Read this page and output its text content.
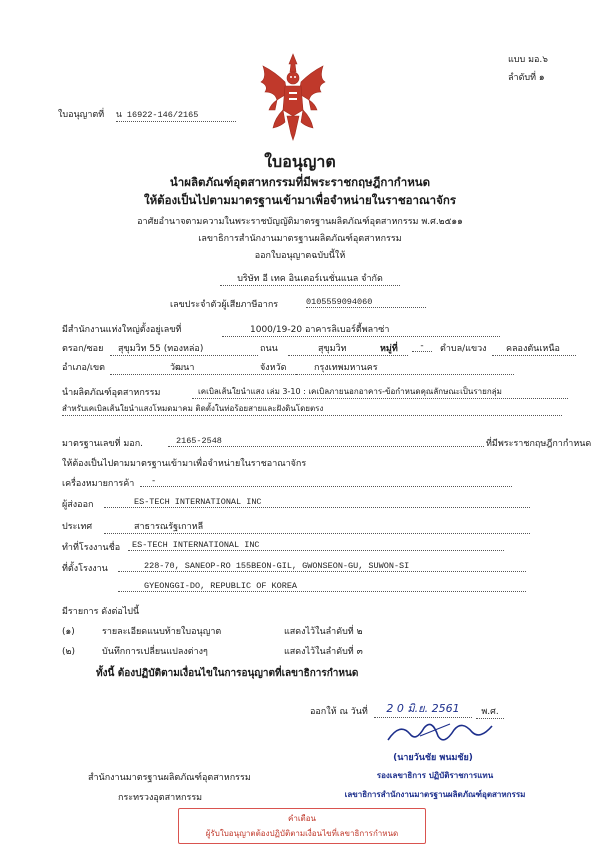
แบบ มอ.๖
ลำดับที่ ๑
ใบอนุญาตที่ น 16922-146/2165
ใบอนุญาต
นำผลิตภัณฑ์อุตสาหกรรมที่มีพระราชกฤษฎีกากำหนด
ให้ต้องเป็นไปตามมาตรฐานเข้ามาเพื่อจำหน่ายในราชอาณาจักร
อาศัยอำนาจตามความในพระราชบัญญัติมาตรฐานผลิตภัณฑ์อุตสาหกรรม พ.ศ.๒๕๑๑
เลขาธิการสำนักงานมาตรฐานผลิตภัณฑ์อุตสาหกรรม
ออกใบอนุญาตฉบับนี้ให้
บริษัท อี เทค อินเตอร์เนชั่นแนล จำกัด
เลขประจำตัวผู้เสียภาษีอากร	0105559094060
มีสำนักงานแห่งใหญ่ตั้งอยู่เลขที่	1000/19-20 อาคารลิเบอร์ตี้พลาซ่า
ตรอก/ซอย	สุขุมวิท 55 (ทองหล่อ)	ถนน	สุขุมวิท	หมู่ที่	-	ตำบล/แขวง	คลองตันเหนือ
อำเภอ/เขต	วัฒนา	จังหวัด	กรุงเทพมหานคร
นำผลิตภัณฑ์อุตสาหกรรม	เคเบิลเส้นใยนำแสง เล่ม 3-10 : เคเบิลภายนอกอาคาร-ข้อกำหนดคุณลักษณะเป็นรายกลุ่ม
สำหรับเคเบิลเส้นใยนำแสงโหมดมาคม ติดตั้งในท่อร้อยสายและฝังดินโดยตรง
มาตรฐานเลขที่ มอก.	2165-2548	ที่มีพระราชกฤษฎีกากำหนด
ให้ต้องเป็นไปตามมาตรฐานเข้ามาเพื่อจำหน่ายในราชอาณาจักร
เครื่องหมายการค้า	-
ผู้ส่งออก	ES-TECH INTERNATIONAL INC
ประเทศ	สาธารณรัฐเกาหลี
ทำที่โรงงานชื่อ	ES-TECH INTERNATIONAL INC
ที่ตั้งโรงงาน	228-70, SANEOP-RO 155BEON-GIL, GWONSEON-GU, SUWON-SI
GYEONGGI-DO, REPUBLIC OF KOREA
มีรายการ ดังต่อไปนี้
(๑)	รายละเอียดแนบท้ายใบอนุญาต	แสดงไว้ในลำดับที่ ๒
(๒)	บันทึกการเปลี่ยนแปลงต่างๆ	แสดงไว้ในลำดับที่ ๓
ทั้งนี้ ต้องปฏิบัติตามเงื่อนไขในการอนุญาตที่เลขาธิการกำหนด
ออกให้ ณ วันที่	2 0 มิ.ย. 2561	พ.ศ.
(นายวันชัย พนมชัย)
รองเลขาธิการ ปฏิบัติราชการแทน
เลขาธิการสำนักงานมาตรฐานผลิตภัณฑ์อุตสาหกรรม
สำนักงานมาตรฐานผลิตภัณฑ์อุตสาหกรรม
กระทรวงอุตสาหกรรม
คำเตือน
ผู้รับใบอนุญาตต้องปฏิบัติตามเงื่อนไขที่เลขาธิการกำหนด
